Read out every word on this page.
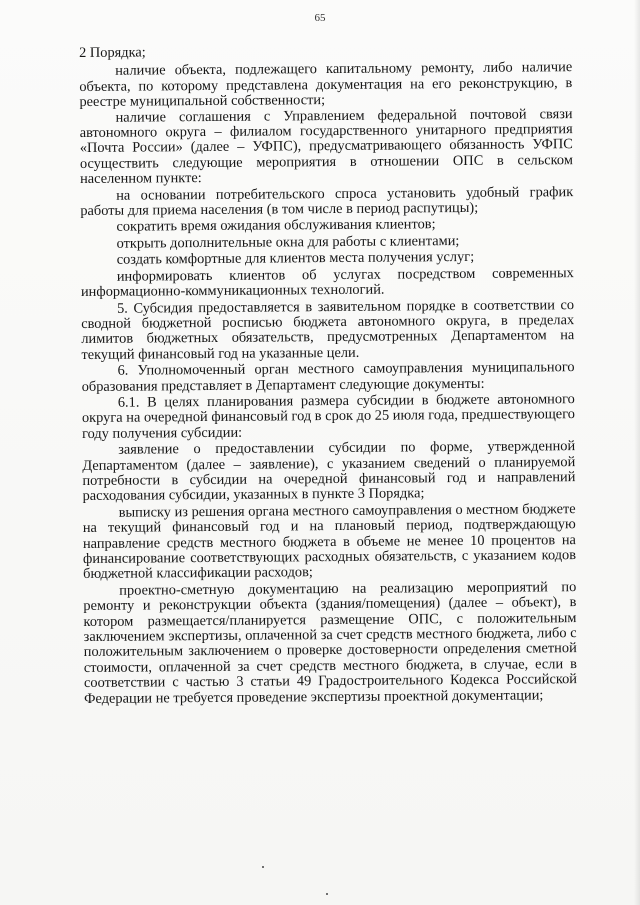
65

2 Порядка;

наличие объекта, подлежащего капитальному ремонту, либо наличие объекта, по которому представлена документация на его реконструкцию, в реестре муниципальной собственности;

наличие соглашения с Управлением федеральной почтовой связи автономного округа – филиалом государственного унитарного предприятия «Почта России» (далее – УФПС), предусматривающего обязанность УФПС осуществить следующие мероприятия в отношении ОПС в сельском населенном пункте:

на основании потребительского спроса установить удобный график работы для приема населения (в том числе в период распутицы);

сократить время ожидания обслуживания клиентов;

открыть дополнительные окна для работы с клиентами;

создать комфортные для клиентов места получения услуг;

информировать клиентов об услугах посредством современных информационно-коммуникационных технологий.

5. Субсидия предоставляется в заявительном порядке в соответствии со сводной бюджетной росписью бюджета автономного округа, в пределах лимитов бюджетных обязательств, предусмотренных Департаментом на текущий финансовый год на указанные цели.

6. Уполномоченный орган местного самоуправления муниципального образования представляет в Департамент следующие документы:

6.1. В целях планирования размера субсидии в бюджете автономного округа на очередной финансовый год в срок до 25 июля года, предшествующего году получения субсидии:

заявление о предоставлении субсидии по форме, утвержденной Департаментом (далее – заявление), с указанием сведений о планируемой потребности в субсидии на очередной финансовый год и направлений расходования субсидии, указанных в пункте 3 Порядка;

выписку из решения органа местного самоуправления о местном бюджете на текущий финансовый год и на плановый период, подтверждающую направление средств местного бюджета в объеме не менее 10 процентов на финансирование соответствующих расходных обязательств, с указанием кодов бюджетной классификации расходов;

проектно-сметную документацию на реализацию мероприятий по ремонту и реконструкции объекта (здания/помещения) (далее – объект), в котором размещается/планируется размещение ОПС, с положительным заключением экспертизы, оплаченной за счет средств местного бюджета, либо с положительным заключением о проверке достоверности определения сметной стоимости, оплаченной за счет средств местного бюджета, в случае, если в соответствии с частью 3 статьи 49 Градостроительного Кодекса Российской Федерации не требуется проведение экспертизы проектной документации;
